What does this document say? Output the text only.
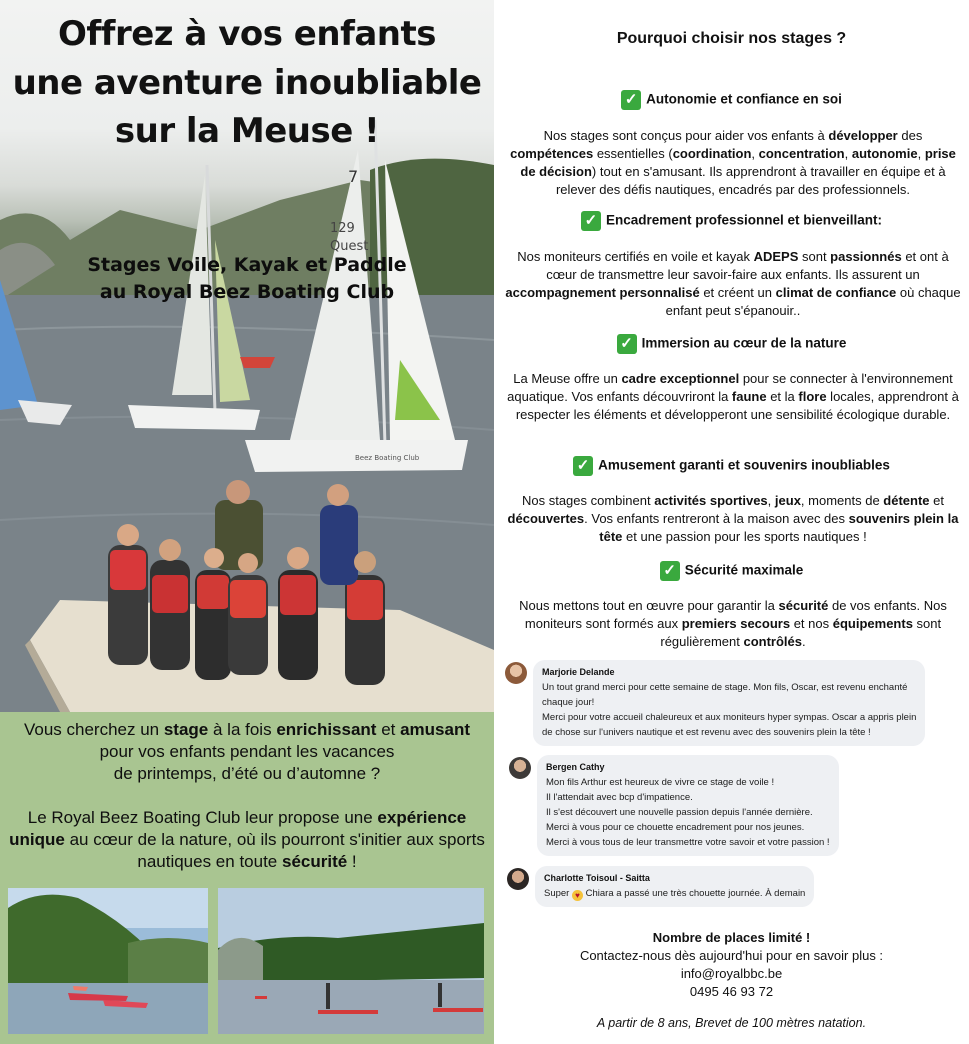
7
129
Quest
Beez Boating Club
Offrez à vos enfants
une aventure inoubliable
sur la Meuse !
Stages Voile, Kayak et Paddle
au Royal Beez Boating Club

Vous cherchez un stage à la fois enrichissant et amusant
pour vos enfants pendant les vacances
de printemps, d’été ou d’automne ?

Le Royal Beez Boating Club leur propose une expérience unique au cœur de la nature, où ils pourront s'initier aux sports nautiques en toute sécurité !

Pourquoi choisir nos stages ?
✓ Autonomie et confiance en soi
Nos stages sont conçus pour aider vos enfants à développer des compétences essentielles (coordination, concentration, autonomie, prise de décision) tout en s'amusant. Ils apprendront à travailler en équipe et à relever des défis nautiques, encadrés par des professionnels.
✓ Encadrement professionnel et bienveillant:
Nos moniteurs certifiés en voile et kayak ADEPS sont passionnés et ont à cœur de transmettre leur savoir-faire aux enfants. Ils assurent un accompagnement personnalisé et créent un climat de confiance où chaque enfant peut s'épanouir..
✓ Immersion au cœur de la nature
La Meuse offre un cadre exceptionnel pour se connecter à l'environnement aquatique. Vos enfants découvriront la faune et la flore locales, apprendront à respecter les éléments et développeront une sensibilité écologique durable.
✓ Amusement garanti et souvenirs inoubliables
Nos stages combinent activités sportives, jeux, moments de détente et découvertes. Vos enfants rentreront à la maison avec des souvenirs plein la tête et une passion pour les sports nautiques !
✓ Sécurité maximale
Nous mettons tout en œuvre pour garantir la sécurité de vos enfants. Nos moniteurs sont formés aux premiers secours et nos équipements sont régulièrement contrôlés.
Marjorie Delande
Un tout grand merci pour cette semaine de stage. Mon fils, Oscar, est revenu enchanté
chaque jour!
Merci pour votre accueil chaleureux et aux moniteurs hyper sympas. Oscar a appris plein
de chose sur l'univers nautique et est revenu avec des souvenirs plein la tête !
Bergen Cathy
Mon fils Arthur est heureux de vivre ce stage de voile !
Il l'attendait avec bcp d'impatience.
Il s'est découvert une nouvelle passion depuis l'année dernière.
Merci à vous pour ce chouette encadrement pour nos jeunes.
Merci à vous tous de leur transmettre votre savoir et votre passion !
Charlotte Toisoul - Saitta
Super ♥ Chiara a passé une très chouette journée. À demain
Nombre de places limité !
Contactez-nous dès aujourd'hui pour en savoir plus :
info@royalbbc.be
0495 46 93 72
A partir de 8 ans, Brevet de 100 mètres natation.
